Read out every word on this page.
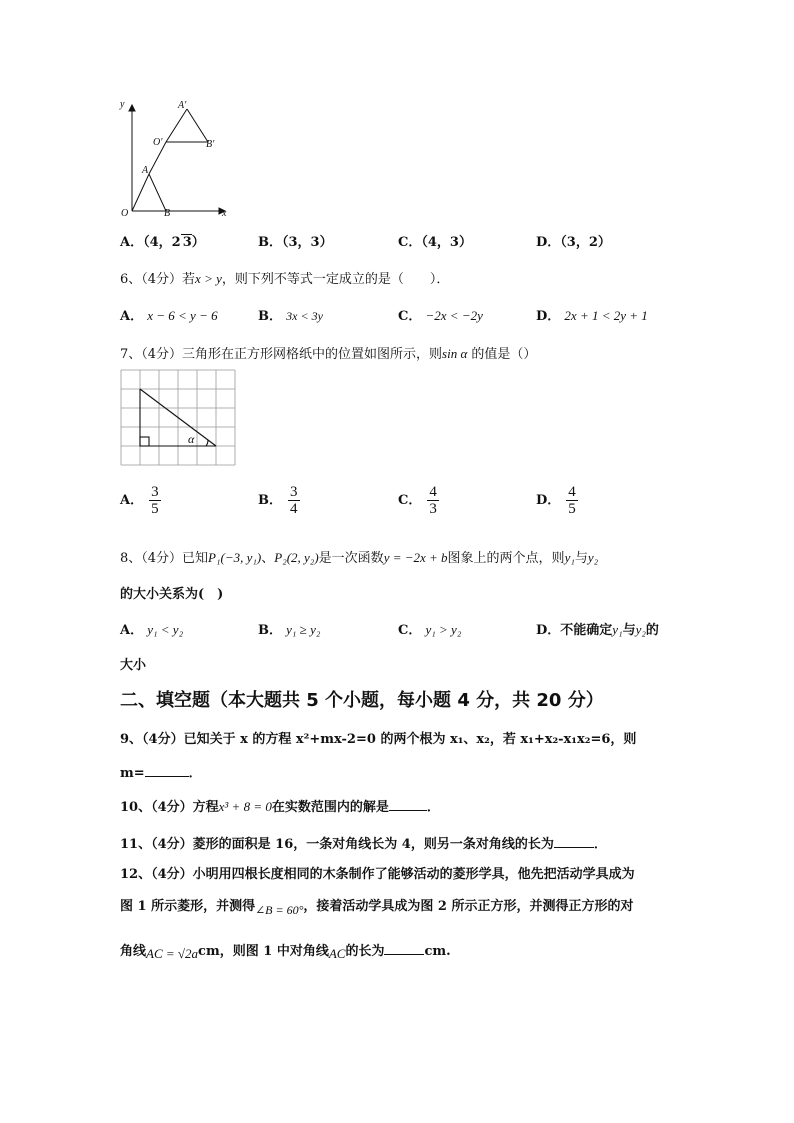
y
x
O
A
B
A′
O′	B′
A．（4，2 3）	B．（3，3）	C．（4，3）	D．（3，2）
6、（4分）若x > y，则下列不等式一定成立的是（　　）．
A． x − 6 < y − 6	B． 3x < 3y	C． −2x < −2y	D． 2x + 1 < 2y + 1
7、（4分）三角形在正方形网格纸中的位置如图所示，则sin α 的值是（）
α
A． $\frac{3}{5}$	B． $\frac{3}{4}$	C． $\frac{4}{3}$	D． $\frac{4}{5}$
8、（4分）已知P₁(−3, y₁)、P₂(2, y₂)是一次函数y = −2x + b图象上的两个点，则y₁与y₂
的大小关系为(　)
A． y₁ < y₂	B． y₁ ≥ y₂	C． y₁ > y₂	D．不能确定y₁与y₂的
大小
二、填空题（本大题共 5 个小题，每小题 4 分，共 20 分）
9、（4分）已知关于 x 的方程 x²+mx-2=0 的两个根为 x₁、x₂，若 x₁+x₂-x₁x₂=6，则
m=	．
10、（4分）方程x³ + 8 = 0在实数范围内的解是	．
11、（4分）菱形的面积是 16，一条对角线长为 4，则另一条对角线的长为	．
12、（4分）小明用四根长度相同的木条制作了能够活动的菱形学具，他先把活动学具成为
图 1 所示菱形，并测得∠B = 60°，接着活动学具成为图 2 所示正方形，并测得正方形的对
角线AC = √2acm，则图 1 中对角线AC的长为	cm.
